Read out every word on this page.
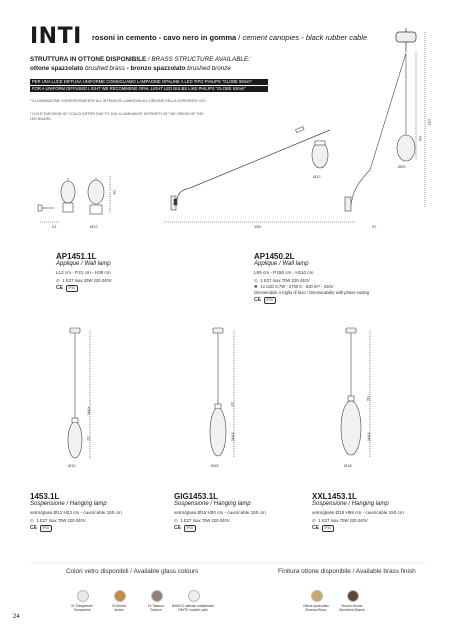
INTI rosoni in cemento - cavo nero in gomma / cement canopies - black rubber cable
STRUTTURA IN OTTONE DISPONIBILE / BRASS STRUCTURE AVAILABLE:
ottone spazzolato brushed brass - bronzo spazzolato brushed bronze
PER UNA LUCE DIFFUSA UNIFORME CONSIGLIAMO LAMPADINE OPALINE A LED TIPO PHILIPS "GLOBE 93mm"
FOR A UNIFORM DIFFUSED LIGHT WE RECOMMEND OPAL LIGHT LED BULBS LIKE PHILIPS "GLOBE 93mm"
* ILLUMINAZIONE CORRISPONDENTE ALL'INTENSITÀ LUMINOSA ALL'ORIGINE DELLA SORGENTE LED.
* LIGHT EMISSION OF COULD DIFFER DUE TO 10% ILLUMINANCE INTENSITY AT THE ORIGIN OF THE LED BOARD.
21	Ø12
30
156	97
Ø12
Ø20
63
110
AP1451.1L
Applique / Wall lamp
L12 cm - P21 cm - H38 cm
⊙ 1 E27 max 20W 220-240V
CE	IP20
AP1450.2L
Applique / Wall lamp
L89 cm - P156 cm - H110 cm
⊙ 1 E27 max 70W 220-240V
✺ 1x LED 8,7W - 2700 K - 530 lm* - 230V
Dimmerabile a triglia di fase / Dimmerability with phase cutting
CE	IP20
Ø12	Ø15	Ø18
22
33
50
MAX
MAX	MAX
1453.1L
Sospensione / Hanging lamp
vetro/glass Ø12 H23 cm - cavo/cable 150 cm
⊙ 1 E27 max 70W 220-240V
CE	IP20
GIG1453.1L
Sospensione / Hanging lamp
vetro/glass Ø15 H30 cm - cavo/cable 150 cm
⊙ 1 E27 max 70W 220-240V
CE	IP20
XXL1453.1L
Sospensione / Hanging lamp
vetro/glass Ø18 H58 cm - cavo/cable 150 cm
⊙ 1 E27 max 70W 220-240V
CE	IP20
Colori vetro disponibili / Available glass colours	Finitura ottone disponibile / Available brass finish
01 Trasparente
Transparent
03 Ambra
Amber
16 Tabacco
Tobacco
BIANCO satinato metallizzato
WHITE metallic satin
Ottone spazzolato
Brushed Brass
Bronzo brunito
Burnished Bronze
24
